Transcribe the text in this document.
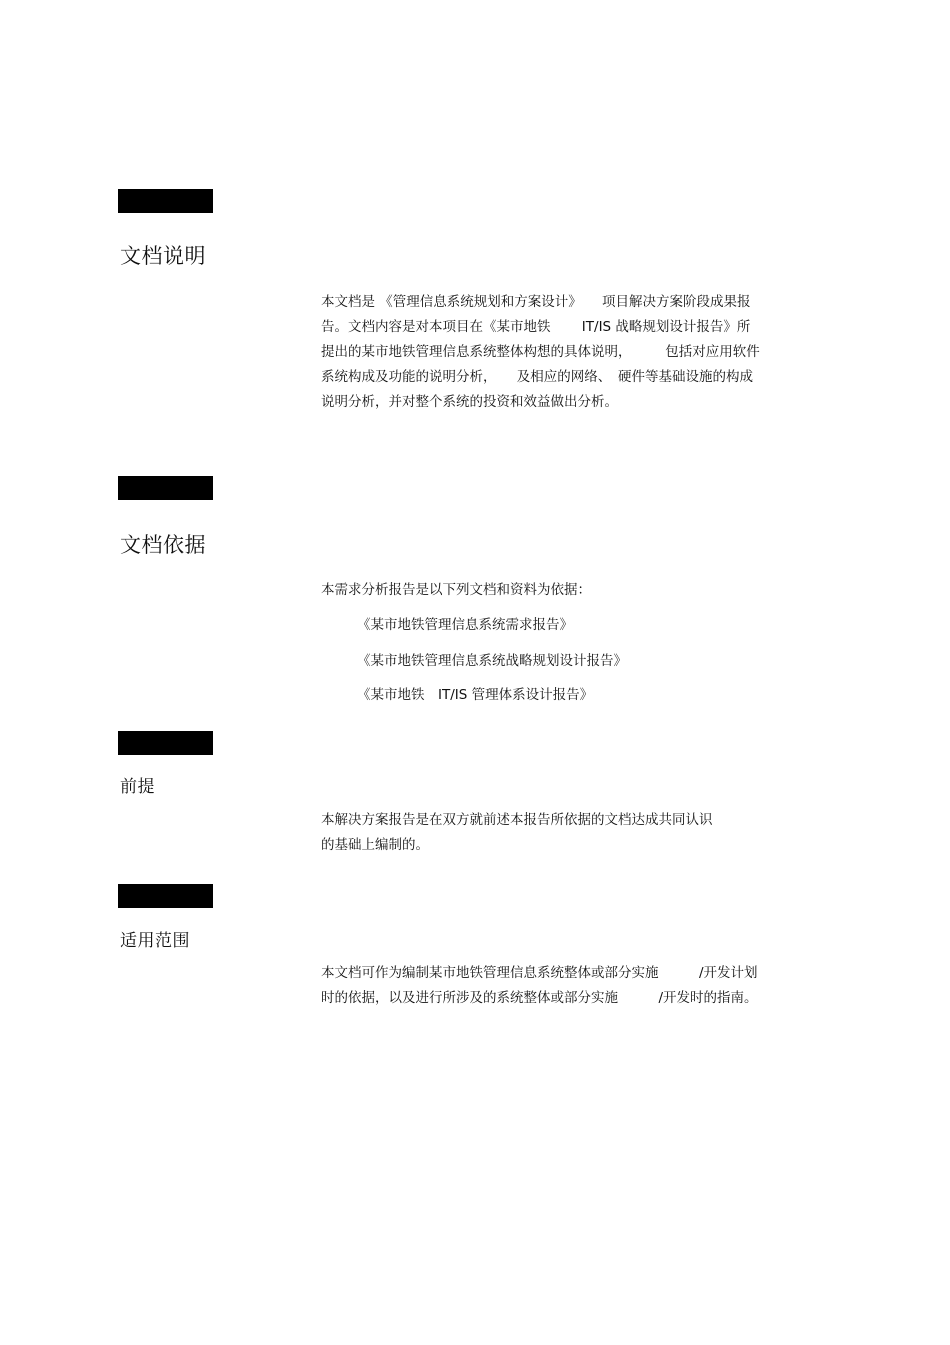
文档说明
本文档是 《管理信息系统规划和方案设计》　　项目解决方案阶段成果报
告。文档内容是对本项目在《某市地铁　　 IT/IS 战略规划设计报告》所
提出的某市地铁管理信息系统整体构想的具体说明，　　　包括对应用软件
系统构成及功能的说明分析，　　及相应的网络、　硬件等基础设施的构成
说明分析，并对整个系统的投资和效益做出分析。
文档依据
本需求分析报告是以下列文档和资料为依据：
《某市地铁管理信息系统需求报告》
《某市地铁管理信息系统战略规划设计报告》
《某市地铁　IT/IS 管理体系设计报告》
前提
本解决方案报告是在双方就前述本报告所依据的文档达成共同认识
的基础上编制的。
适用范围
本文档可作为编制某市地铁管理信息系统整体或部分实施　　　/开发计划
时的依据，以及进行所涉及的系统整体或部分实施　　　/开发时的指南。
